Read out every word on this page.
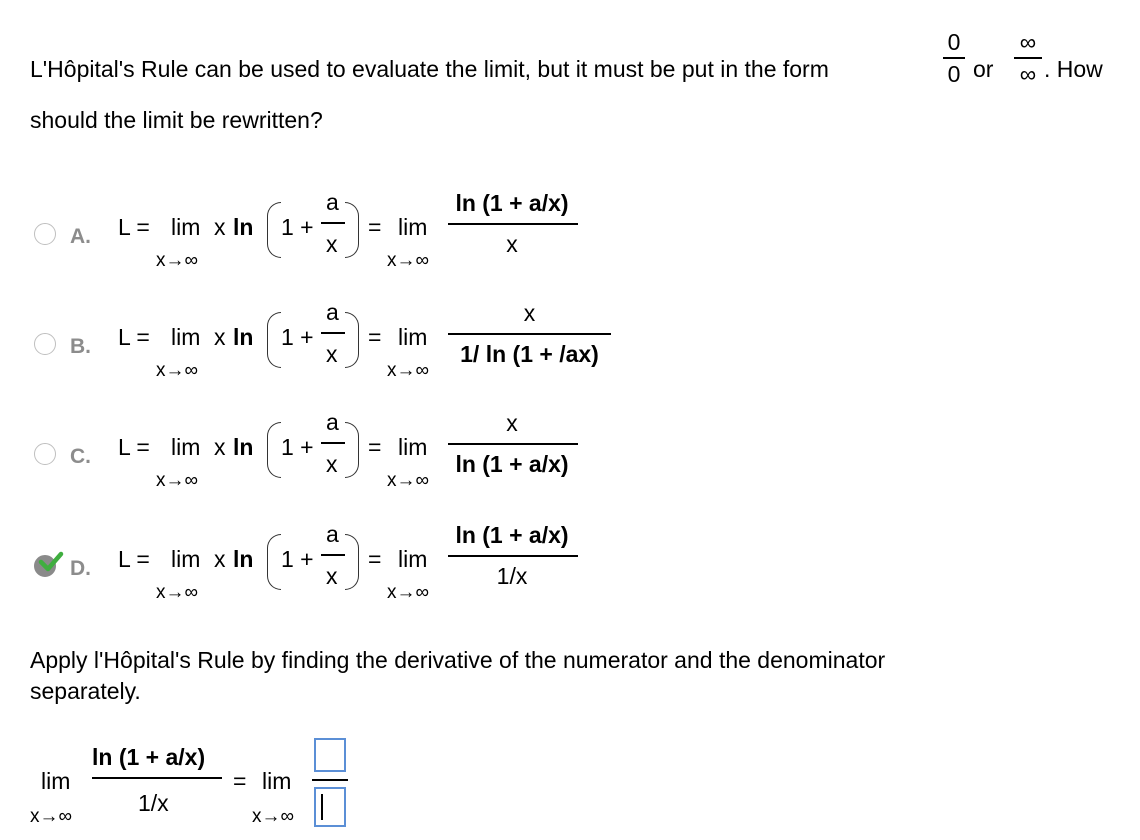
L'Hôpital's Rule can be used to evaluate the limit, but it must be put in the form
0
0 or
∞
∞ . How
should the limit be rewritten?
A. L = lim
x→∞
x ln 1 +
a
x
= lim
x→∞
ln (1 + a/x)
x
B. L = lim
x→∞
x ln 1 +
a
x
= lim
x→∞
x
1/ ln (1 + /ax)
C. L = lim
x→∞
x ln 1 +
a
x
= lim
x→∞
x
ln (1 + a/x)
D. L = lim
x→∞
x ln 1 +
a
x
= lim
x→∞
ln (1 + a/x)
1/x
Apply l'Hôpital's Rule by finding the derivative of the numerator and the denominator
separately.
lim
x→∞
ln (1 + a/x)
1/x
= lim
x→∞
